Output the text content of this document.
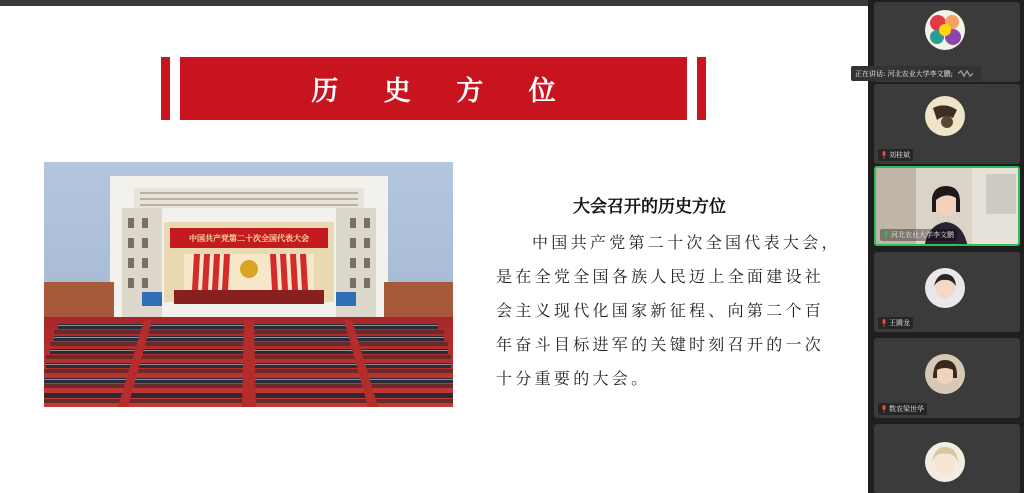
历 史 方 位
中国共产党第二十次全国代表大会
大会召开的历史方位
中国共产党第二十次全国代表大会，
是在全党全国各族人民迈上全面建设社
会主义现代化国家新征程、向第二个百
年奋斗目标进军的关键时刻召开的一次
十分重要的大会。
正在讲话: 河北农业大学李文鹏;
刘桂斌
河北农业大学李文鹏
王腾龙
数农梁世华
